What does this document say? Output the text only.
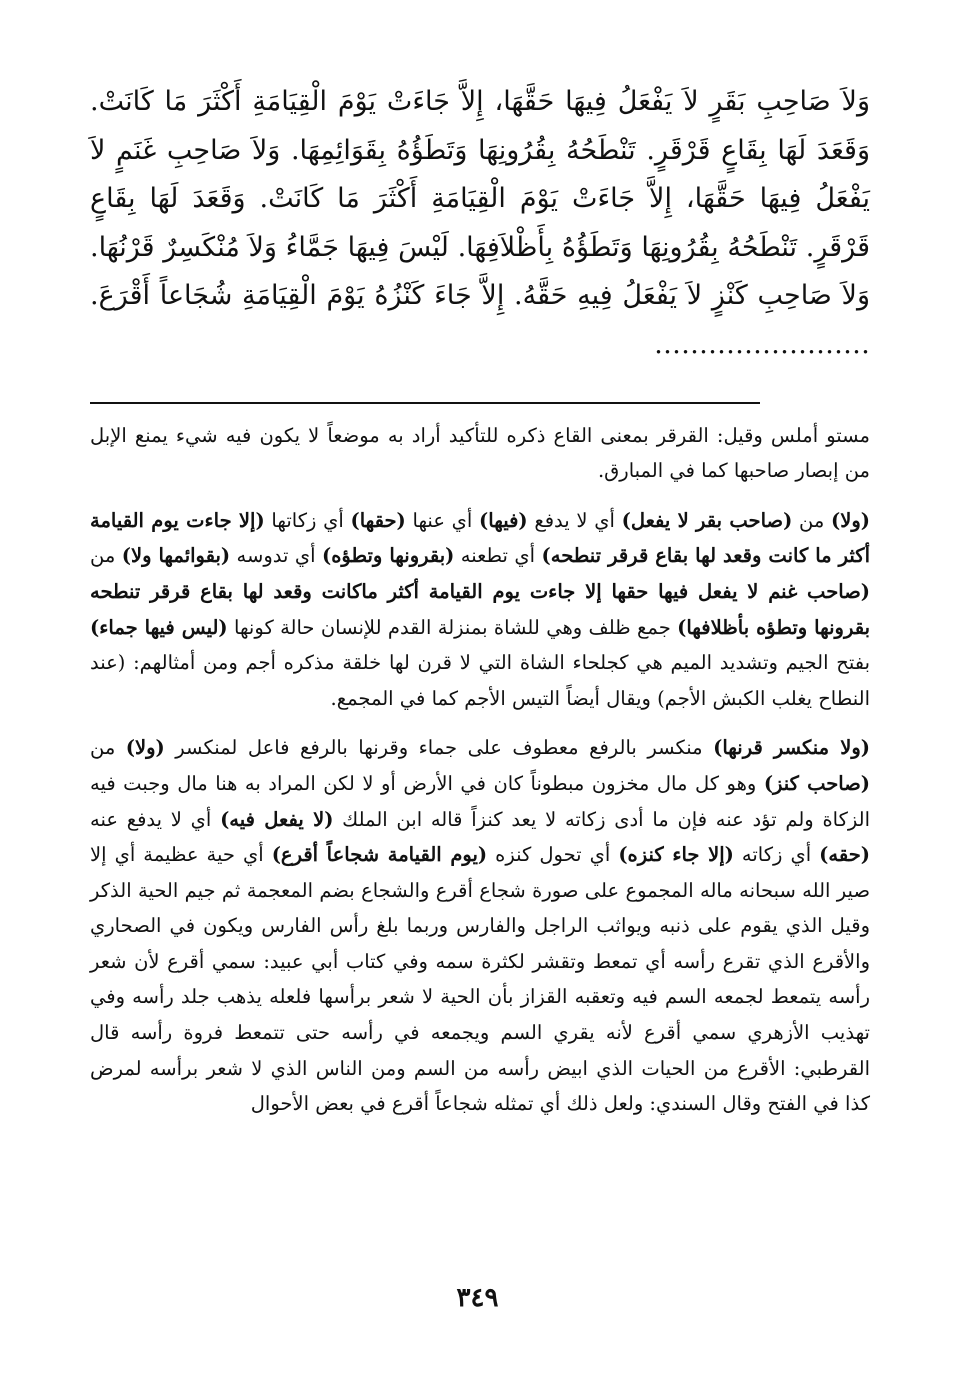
وَلاَ صَاحِبِ بَقَرٍ لاَ يَفْعَلُ فِيهَا حَقَّهَا، إِلاَّ جَاءَتْ يَوْمَ الْقِيَامَةِ أَكْثَرَ مَا كَانَتْ. وَقَعَدَ لَهَا بِقَاعٍ قَرْقَرٍ. تَنْطَحُهُ بِقُرُونِهَا وَتَطَؤُهُ بِقَوَائِمِهَا. وَلاَ صَاحِبِ غَنَمٍ لاَ يَفْعَلُ فِيهَا حَقَّهَا، إِلاَّ جَاءَتْ يَوْمَ الْقِيَامَةِ أَكْثَرَ مَا كَانَتْ. وَقَعَدَ لَهَا بِقَاعٍ قَرْقَرٍ. تَنْطَحُهُ بِقُرُونِهَا وَتَطَؤُهُ بِأَظْلاَفِهَا. لَيْسَ فِيهَا جَمَّاءُ وَلاَ مُنْكَسِرٌ قَرْنُهَا. وَلاَ صَاحِبِ كَنْزٍ لاَ يَفْعَلُ فِيهِ حَقَّهُ. إِلاَّ جَاءَ كَنْزُهُ يَوْمَ الْقِيَامَةِ شُجَاعاً أَقْرَعَ. ……………………

مستو أملس وقيل: القرقر بمعنى القاع ذكره للتأكيد أراد به موضعاً لا يكون فيه شيء يمنع الإبل من إبصار صاحبها كما في المبارق.

(ولا) من (صاحب بقر لا يفعل) أي لا يدفع (فيها) أي عنها (حقها) أي زكاتها (إلا جاءت يوم القيامة أكثر ما كانت وقعد لها بقاع قرقر تنطحه) أي تطعنه (بقرونها وتطؤه) أي تدوسه (بقوائمها ولا) من (صاحب غنم لا يفعل فيها حقها إلا جاءت يوم القيامة أكثر ماكانت وقعد لها بقاع قرقر تنطحه بقرونها وتطؤه بأظلافها) جمع ظلف وهي للشاة بمنزلة القدم للإنسان حالة كونها (ليس فيها جماء) بفتح الجيم وتشديد الميم هي كجلحاء الشاة التي لا قرن لها خلقة مذكره أجم ومن أمثالهم: (عند النطاح يغلب الكبش الأجم) ويقال أيضاً التيس الأجم كما في المجمع.

(ولا منكسر قرنها) منكسر بالرفع معطوف على جماء وقرنها بالرفع فاعل لمنكسر (ولا) من (صاحب كنز) وهو كل مال مخزون مبطوناً كان في الأرض أو لا لكن المراد به هنا مال وجبت فيه الزكاة ولم تؤد عنه فإن ما أدى زكاته لا يعد كنزاً قاله ابن الملك (لا يفعل فيه) أي لا يدفع عنه (حقه) أي زكاته (إلا جاء كنزه) أي تحول كنزه (يوم القيامة شجاعاً أقرع) أي حية عظيمة أي إلا صير الله سبحانه ماله المجموع على صورة شجاع أقرع والشجاع بضم المعجمة ثم جيم الحية الذكر وقيل الذي يقوم على ذنبه ويواثب الراجل والفارس وربما بلغ رأس الفارس ويكون في الصحاري والأقرع الذي تقرع رأسه أي تمعط وتقشر لكثرة سمه وفي كتاب أبي عبيد: سمي أقرع لأن شعر رأسه يتمعط لجمعه السم فيه وتعقبه القزاز بأن الحية لا شعر برأسها فلعله يذهب جلد رأسه وفي تهذيب الأزهري سمي أقرع لأنه يقري السم ويجمعه في رأسه حتى تتمعط فروة رأسه قال القرطبي: الأقرع من الحيات الذي ابيض رأسه من السم ومن الناس الذي لا شعر برأسه لمرض كذا في الفتح وقال السندي: ولعل ذلك أي تمثله شجاعاً أقرع في بعض الأحوال

٣٤٩
